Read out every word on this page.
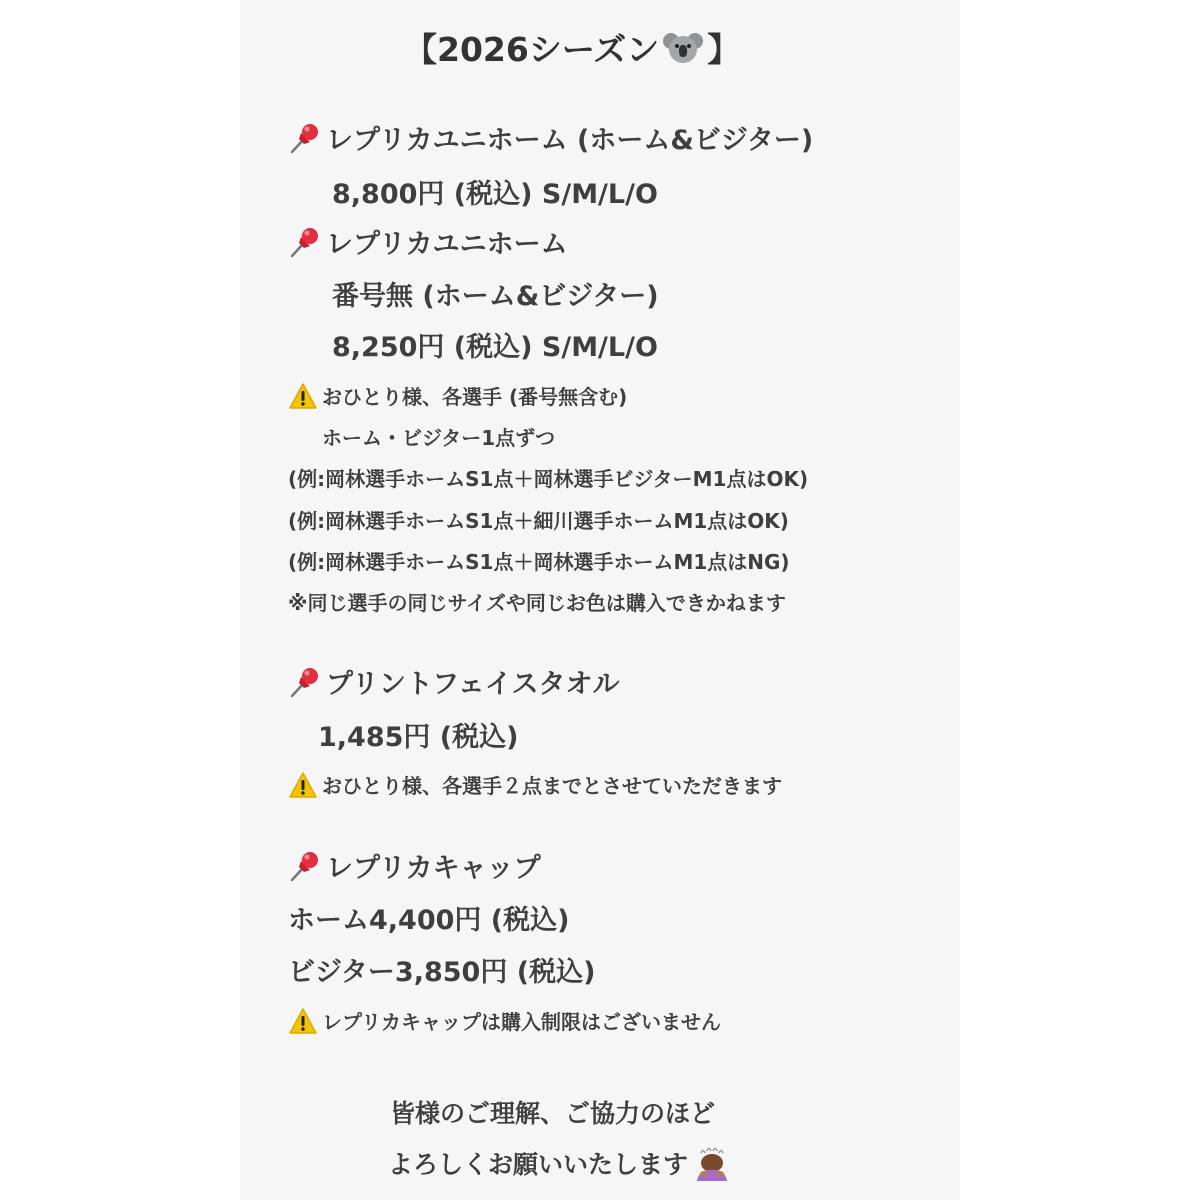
【 2026シーズン 】
レプリカユニホーム (ホーム&ビジター)
8,800円 (税込) S/M/L/O
レプリカユニホーム
番号無 (ホーム&ビジター)
8,250円 (税込) S/M/L/O
おひとり様、各選手 (番号無含む)
ホーム・ビジター1点ずつ
(例:岡林選手ホームS1点＋岡林選手ビジターM1点はOK)
(例:岡林選手ホームS1点＋細川選手ホームM1点はOK)
(例:岡林選手ホームS1点＋岡林選手ホームM1点はNG)
※同じ選手の同じサイズや同じお色は購入できかねます
プリントフェイスタオル
1,485円 (税込)
おひとり様、各選手２点までとさせていただきます
レプリカキャップ
ホーム4,400円 (税込)
ビジター3,850円 (税込)
レプリカキャップは購入制限はございません
皆様のご理解、ご協力のほど
よろしくお願いいたします
